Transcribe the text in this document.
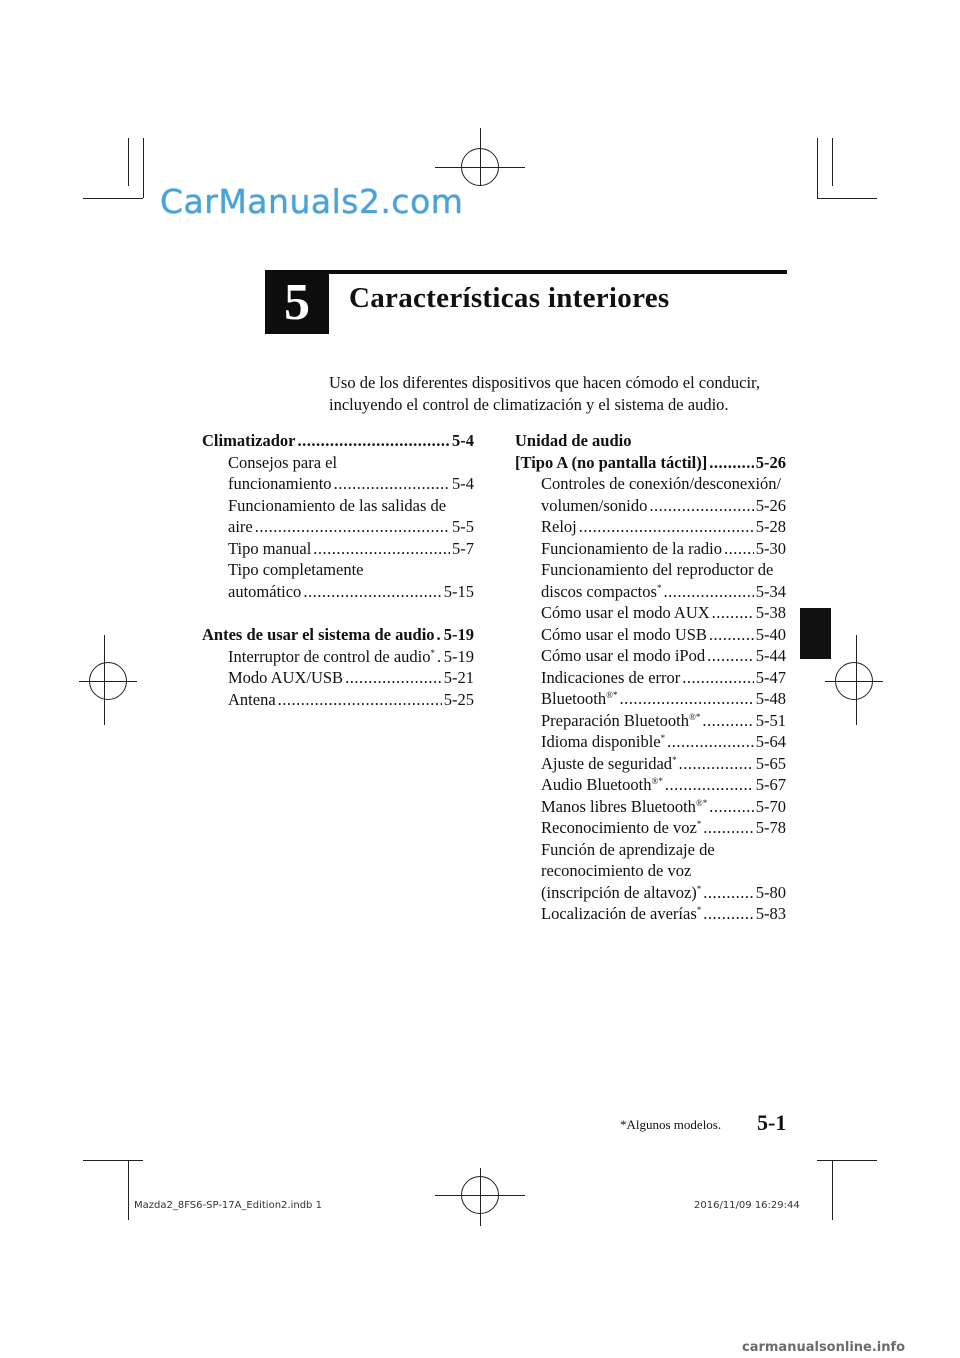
CarManuals2.com
5	Características interiores
Uso de los diferentes dispositivos que hacen cómodo el conducir, incluyendo el control de climatización y el sistema de audio.
Climatizador .....	5-4
Consejos para el
funcionamiento .....	5-4
Funcionamiento de las salidas de
aire .....	5-5
Tipo manual .....	5-7
Tipo completamente
automático .....	5-15
Antes de usar el sistema de audio ..... 5-19
Interruptor de control de audio* ..... 5-19
Modo AUX/USB .....	5-21
Antena .....	5-25
Unidad de audio
[Tipo A (no pantalla táctil)] .....	5-26
Controles de conexión/desconexión/
volumen/sonido .....	5-26
Reloj .....	5-28
Funcionamiento de la radio ..... 5-30
Funcionamiento del reproductor de
discos compactos* .....	5-34
Cómo usar el modo AUX .....	5-38
Cómo usar el modo USB .....	5-40
Cómo usar el modo iPod .....	5-44
Indicaciones de error .....	5-47
Bluetooth®* .....	5-48
Preparación Bluetooth®* .....	5-51
Idioma disponible* .....	5-64
Ajuste de seguridad* .....	5-65
Audio Bluetooth®* .....	5-67
Manos libres Bluetooth®* .....	5-70
Reconocimiento de voz* .....	5-78
Función de aprendizaje de
reconocimiento de voz
(inscripción de altavoz)* .....	5-80
Localización de averías* .....	5-83
*Algunos modelos. 5-1
Mazda2_8FS6-SP-17A_Edition2.indb 1	2016/11/09 16:29:44
carmanualsonline.info
